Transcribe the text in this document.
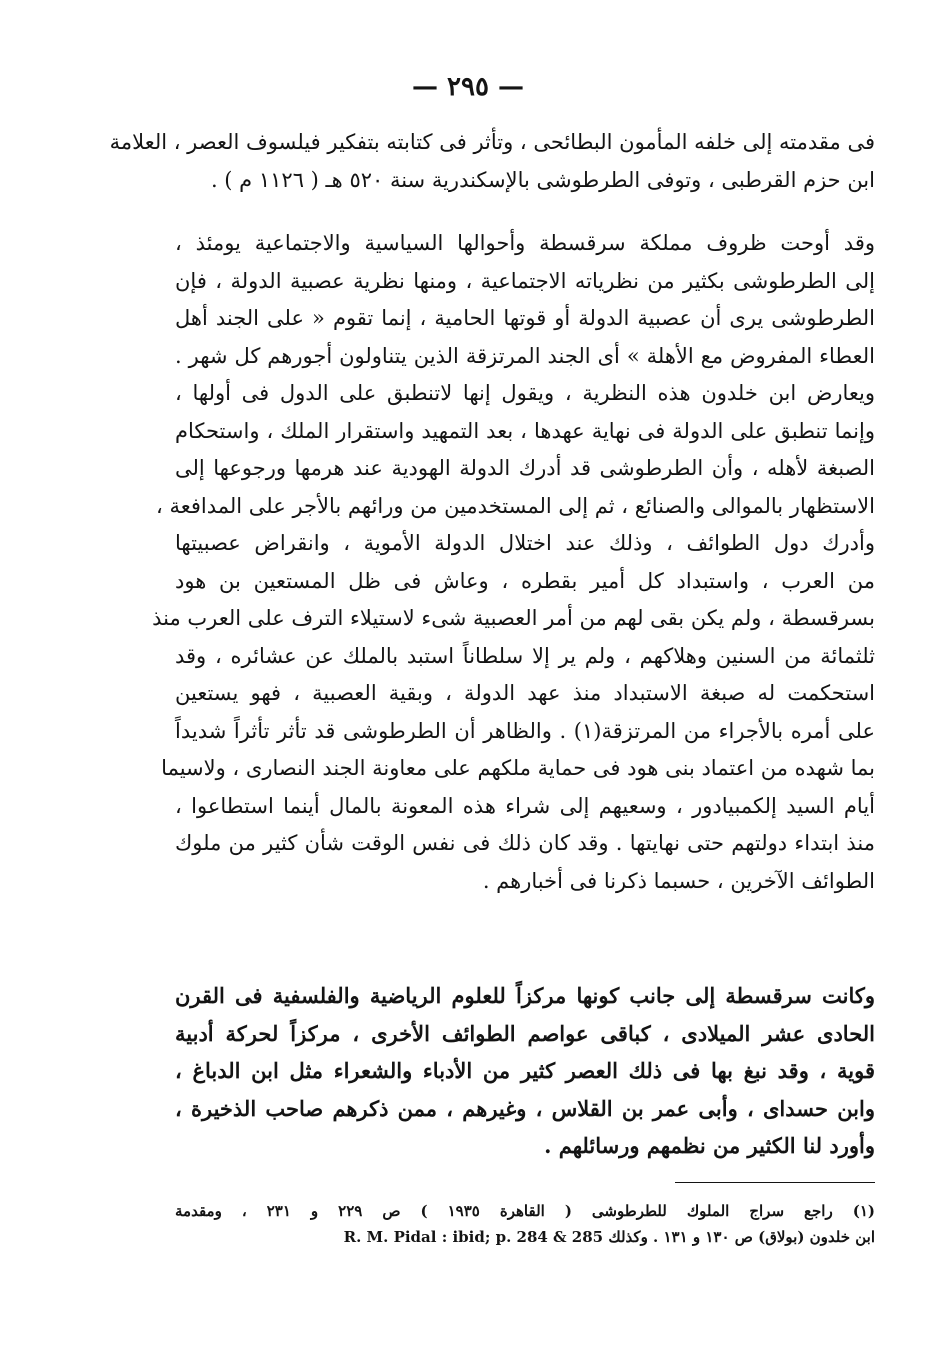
— ٢٩٥ —
فى مقدمته إلى خلفه المأمون البطائحى ، وتأثر فى كتابته بتفكير فيلسوف العصر ، العلامة
ابن حزم القرطبى ، وتوفى الطرطوشى بالإسكندرية سنة ٥٢٠ هـ ( ١١٢٦ م ) .
وقد أوحت ظروف مملكة سرقسطة وأحوالها السياسية والاجتماعية يومئذ ،
إلى الطرطوشى بكثير من نظرياته الاجتماعية ، ومنها نظرية عصبية الدولة ، فإن
الطرطوشى يرى أن عصبية الدولة أو قوتها الحامية ، إنما تقوم « على الجند أهل
العطاء المفروض مع الأهلة » أى الجند المرتزقة الذين يتناولون أجورهم كل شهر .
ويعارض ابن خلدون هذه النظرية ، ويقول إنها لاتنطبق على الدول فى أولها ،
وإنما تنطبق على الدولة فى نهاية عهدها ، بعد التمهيد واستقرار الملك ، واستحكام
الصبغة لأهله ، وأن الطرطوشى قد أدرك الدولة الهودية عند هرمها ورجوعها إلى
الاستظهار بالموالى والصنائع ، ثم إلى المستخدمين من ورائهم بالأجر على المدافعة ،
وأدرك دول الطوائف ، وذلك عند اختلال الدولة الأموية ، وانقراض عصبيتها
من العرب ، واستبداد كل أمير بقطره ، وعاش فى ظل المستعين بن هود
بسرقسطة ، ولم يكن بقى لهم من أمر العصبية شىء لاستيلاء الترف على العرب منذ
ثلثمائة من السنين وهلاكهم ، ولم ير إلا سلطاناً استبد بالملك عن عشائره ، وقد
استحكمت له صبغة الاستبداد منذ عهد الدولة ، وبقية العصبية ، فهو يستعين
على أمره بالأجراء من المرتزقة(١) . والظاهر أن الطرطوشى قد تأثر تأثراً شديداً
بما شهده من اعتماد بنى هود فى حماية ملكهم على معاونة الجند النصارى ، ولاسيما
أيام السيد إلكمبيادور ، وسعيهم إلى شراء هذه المعونة بالمال أينما استطاعوا ،
منذ ابتداء دولتهم حتى نهايتها . وقد كان ذلك فى نفس الوقت شأن كثير من ملوك
الطوائف الآخرين ، حسبما ذكرنا فى أخبارهم .
وكانت سرقسطة إلى جانب كونها مركزاً للعلوم الرياضية والفلسفية فى القرن
الحادى عشر الميلادى ، كباقى عواصم الطوائف الأخرى ، مركزاً لحركة أدبية
قوية ، وقد نبغ بها فى ذلك العصر كثير من الأدباء والشعراء مثل ابن الدباغ ،
وابن حسداى ، وأبى عمر بن القلاس ، وغيرهم ، ممن ذكرهم صاحب الذخيرة ،
وأورد لنا الكثير من نظمهم ورسائلهم .
(١) راجع سراج الملوك للطرطوشى ( القاهرة ١٩٣٥ ) ص ٢٢٩ و ٢٣١ ، ومقدمة
ابن خلدون (بولاق) ص ١٣٠ و ١٣١ . وكذلك R. M. Pidal : ibid; p. 284 & 285
